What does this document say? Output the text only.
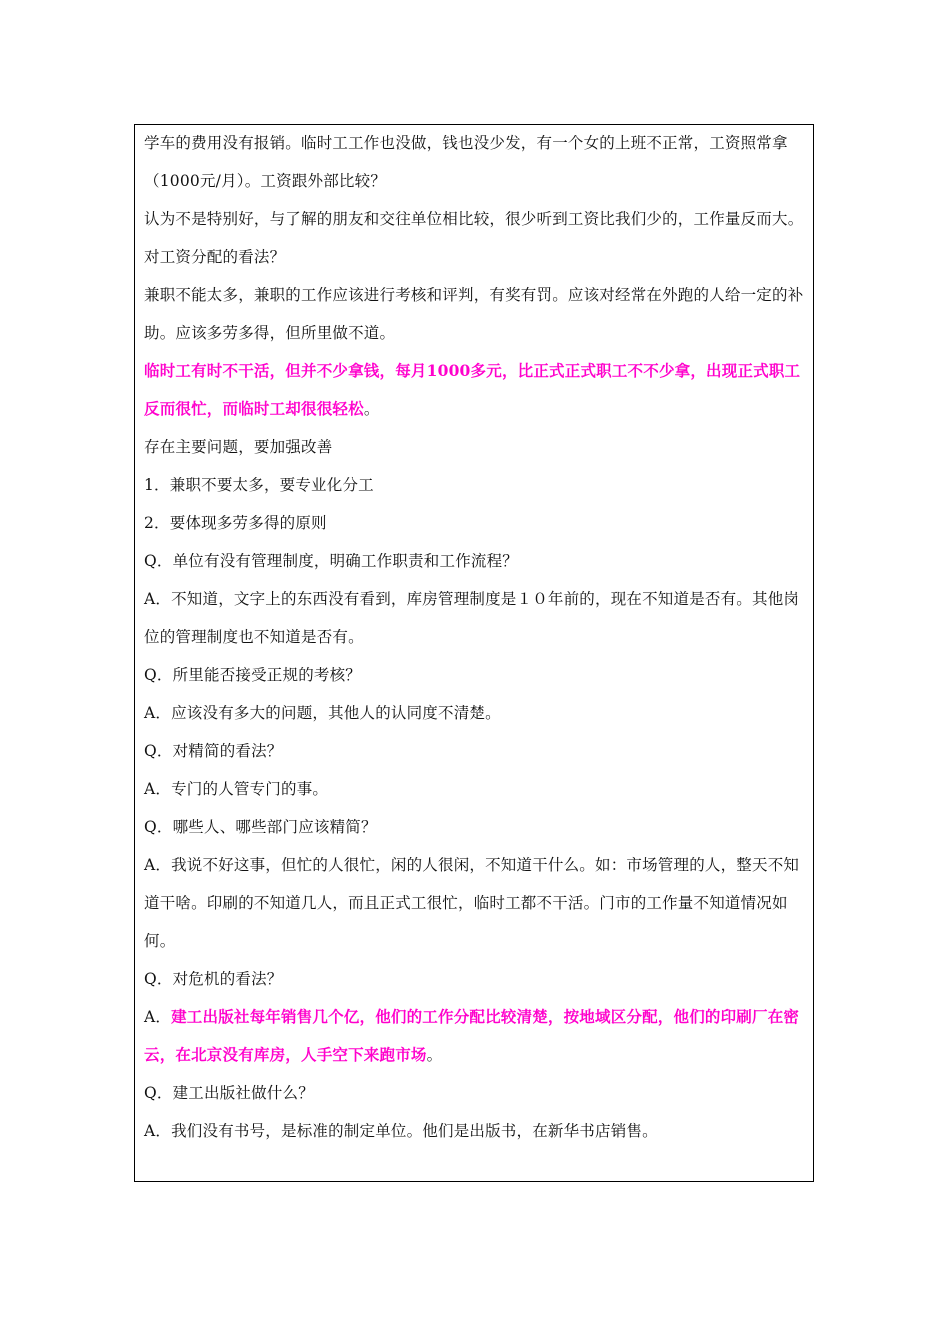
学车的费用没有报销。临时工工作也没做，钱也没少发，有一个女的上班不正常，工资照常拿（1000元/月）。工资跟外部比较？

认为不是特别好，与了解的朋友和交往单位相比较，很少听到工资比我们少的，工作量反而大。

对工资分配的看法？

兼职不能太多，兼职的工作应该进行考核和评判，有奖有罚。应该对经常在外跑的人给一定的补助。应该多劳多得，但所里做不道。

临时工有时不干活，但并不少拿钱，每月1000多元，比正式正式职工不不少拿，出现正式职工反而很忙，而临时工却很很轻松。

存在主要问题，要加强改善

1．兼职不要太多，要专业化分工

2．要体现多劳多得的原则

Q．单位有没有管理制度，明确工作职责和工作流程？

A．不知道，文字上的东西没有看到，库房管理制度是１０年前的，现在不知道是否有。其他岗位的管理制度也不知道是否有。

Q．所里能否接受正规的考核？

A．应该没有多大的问题，其他人的认同度不清楚。

Q．对精简的看法？

A．专门的人管专门的事。

Q．哪些人、哪些部门应该精简？

A．我说不好这事，但忙的人很忙，闲的人很闲，不知道干什么。如：市场管理的人，整天不知道干啥。印刷的不知道几人，而且正式工很忙，临时工都不干活。门市的工作量不知道情况如何。

Q．对危机的看法？

A．建工出版社每年销售几个亿，他们的工作分配比较清楚，按地域区分配，他们的印刷厂在密云，在北京没有库房，人手空下来跑市场。

Q．建工出版社做什么？

A．我们没有书号，是标准的制定单位。他们是出版书，在新华书店销售。
